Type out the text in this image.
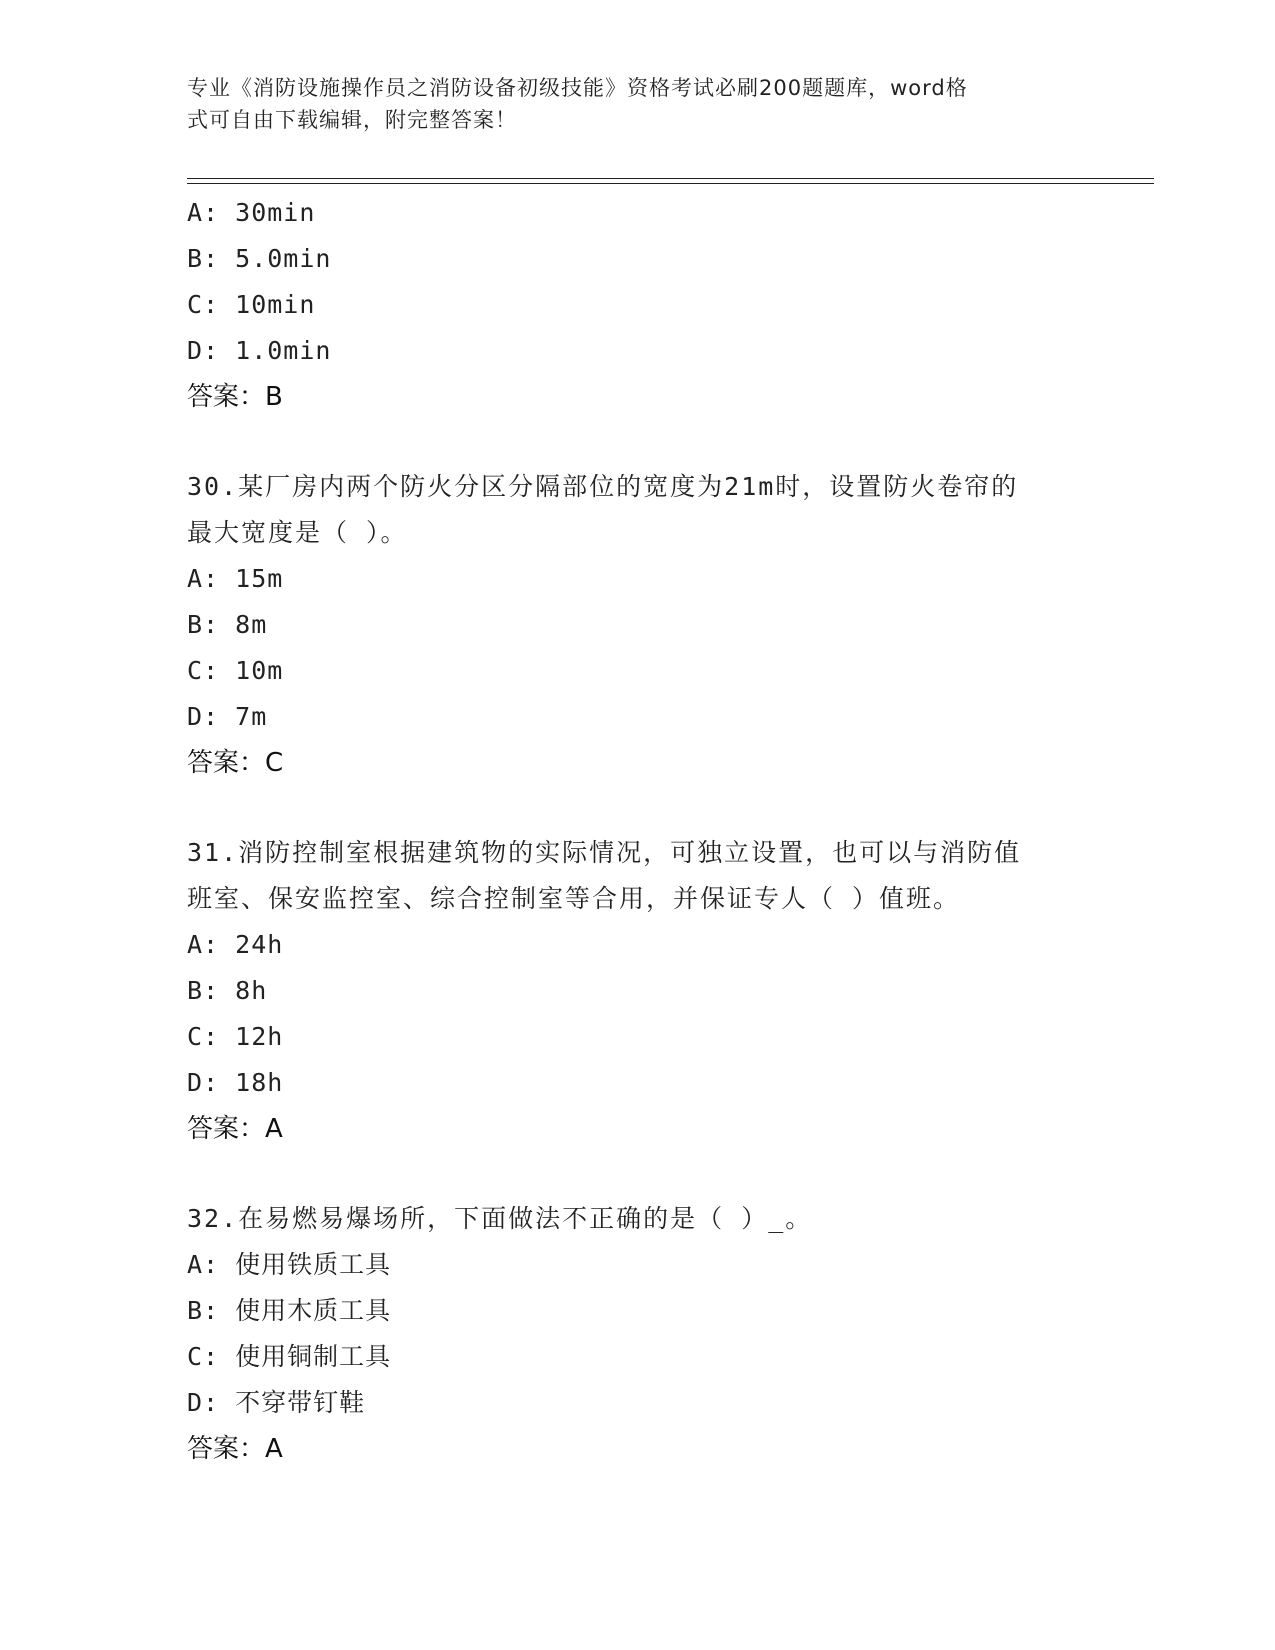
专业《消防设施操作员之消防设备初级技能》资格考试必刷200题题库，word格
式可自由下载编辑，附完整答案！
A: 30min
B: 5.0min
C: 10min
D: 1.0min
答案：B
30.某厂房内两个防火分区分隔部位的宽度为21m时，设置防火卷帘的
最大宽度是（ ）。
A: 15m
B: 8m
C: 10m
D: 7m
答案：C
31.消防控制室根据建筑物的实际情况，可独立设置，也可以与消防值
班室、保安监控室、综合控制室等合用，并保证专人（ ）值班。
A: 24h
B: 8h
C: 12h
D: 18h
答案：A
32.在易燃易爆场所，下面做法不正确的是（ ）_。
A: 使用铁质工具
B: 使用木质工具
C: 使用铜制工具
D: 不穿带钉鞋
答案：A
